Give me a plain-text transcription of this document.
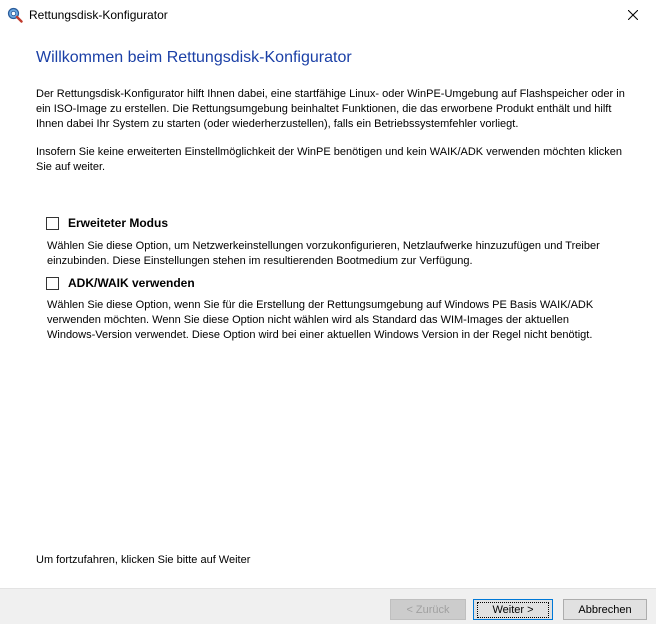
Rettungsdisk-Konfigurator
Willkommen beim Rettungsdisk-Konfigurator
Der Rettungsdisk-Konfigurator hilft Ihnen dabei, eine startfähige Linux- oder WinPE-Umgebung auf Flashspeicher oder in ein ISO-Image zu erstellen. Die Rettungsumgebung beinhaltet Funktionen, die das erworbene Produkt enthält und hilft Ihnen dabei Ihr System zu starten (oder wiederherzustellen), falls ein Betriebssystemfehler vorliegt.
Insofern Sie keine erweiterten Einstellmöglichkeit der WinPE benötigen und kein WAIK/ADK verwenden möchten klicken Sie auf weiter.
Erweiteter Modus
Wählen Sie diese Option, um Netzwerkeinstellungen vorzukonfigurieren, Netzlaufwerke hinzuzufügen und Treiber einzubinden. Diese Einstellungen stehen im resultierenden Bootmedium zur Verfügung.
ADK/WAIK verwenden
Wählen Sie diese Option, wenn Sie für die Erstellung der Rettungsumgebung auf Windows PE Basis WAIK/ADK verwenden möchten. Wenn Sie diese Option nicht wählen wird als Standard das WIM-Images der aktuellen Windows-Version verwendet. Diese Option wird bei einer aktuellen Windows Version in der Regel nicht benötigt.
Um fortzufahren, klicken Sie bitte auf Weiter
< Zurück	Weiter >	Abbrechen
